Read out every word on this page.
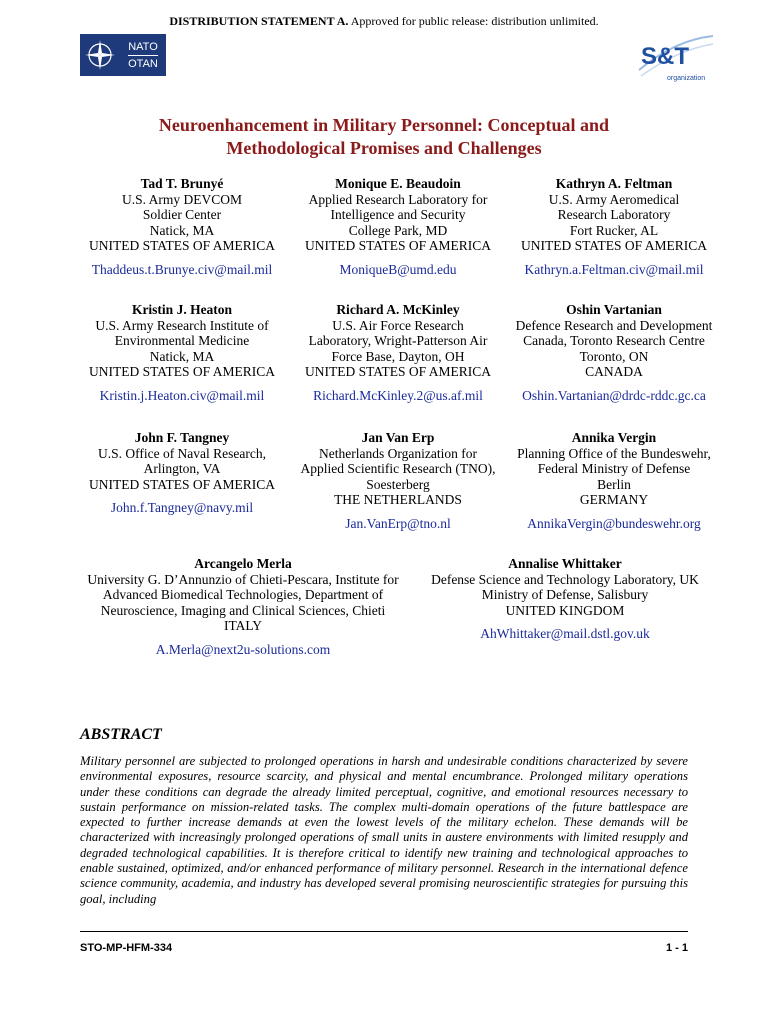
DISTRIBUTION STATEMENT A. Approved for public release: distribution unlimited.
NATO
OTAN	S&T
organization
Neuroenhancement in Military Personnel: Conceptual and
Methodological Promises and Challenges
Tad T. Brunyé
U.S. Army DEVCOM
Soldier Center
Natick, MA
UNITED STATES OF AMERICA
Thaddeus.t.Brunye.civ@mail.mil
Monique E. Beaudoin
Applied Research Laboratory for
Intelligence and Security
College Park, MD
UNITED STATES OF AMERICA
MoniqueB@umd.edu
Kathryn A. Feltman
U.S. Army Aeromedical
Research Laboratory
Fort Rucker, AL
UNITED STATES OF AMERICA
Kathryn.a.Feltman.civ@mail.mil
Kristin J. Heaton
U.S. Army Research Institute of
Environmental Medicine
Natick, MA
UNITED STATES OF AMERICA
Kristin.j.Heaton.civ@mail.mil
Richard A. McKinley
U.S. Air Force Research
Laboratory, Wright-Patterson Air
Force Base, Dayton, OH
UNITED STATES OF AMERICA
Richard.McKinley.2@us.af.mil
Oshin Vartanian
Defence Research and Development
Canada, Toronto Research Centre
Toronto, ON
CANADA
Oshin.Vartanian@drdc-rddc.gc.ca
John F. Tangney
U.S. Office of Naval Research,
Arlington, VA
UNITED STATES OF AMERICA
John.f.Tangney@navy.mil
Jan Van Erp
Netherlands Organization for
Applied Scientific Research (TNO),
Soesterberg
THE NETHERLANDS
Jan.VanErp@tno.nl
Annika Vergin
Planning Office of the Bundeswehr,
Federal Ministry of Defense
Berlin
GERMANY
AnnikaVergin@bundeswehr.org
Arcangelo Merla
University G. D’Annunzio of Chieti-Pescara, Institute for
Advanced Biomedical Technologies, Department of
Neuroscience, Imaging and Clinical Sciences, Chieti
ITALY
A.Merla@next2u-solutions.com
Annalise Whittaker
Defense Science and Technology Laboratory, UK
Ministry of Defense, Salisbury
UNITED KINGDOM
AhWhittaker@mail.dstl.gov.uk
ABSTRACT
Military personnel are subjected to prolonged operations in harsh and undesirable conditions characterized by severe environmental exposures, resource scarcity, and physical and mental encumbrance. Prolonged military operations under these conditions can degrade the already limited perceptual, cognitive, and emotional resources necessary to sustain performance on mission-related tasks. The complex multi-domain operations of the future battlespace are expected to further increase demands at even the lowest levels of the military echelon. These demands will be characterized with increasingly prolonged operations of small units in austere environments with limited resupply and degraded technological capabilities. It is therefore critical to identify new training and technological approaches to enable sustained, optimized, and/or enhanced performance of military personnel. Research in the international defence science community, academia, and industry has developed several promising neuroscientific strategies for pursuing this goal, including
STO-MP-HFM-334	1 - 1
